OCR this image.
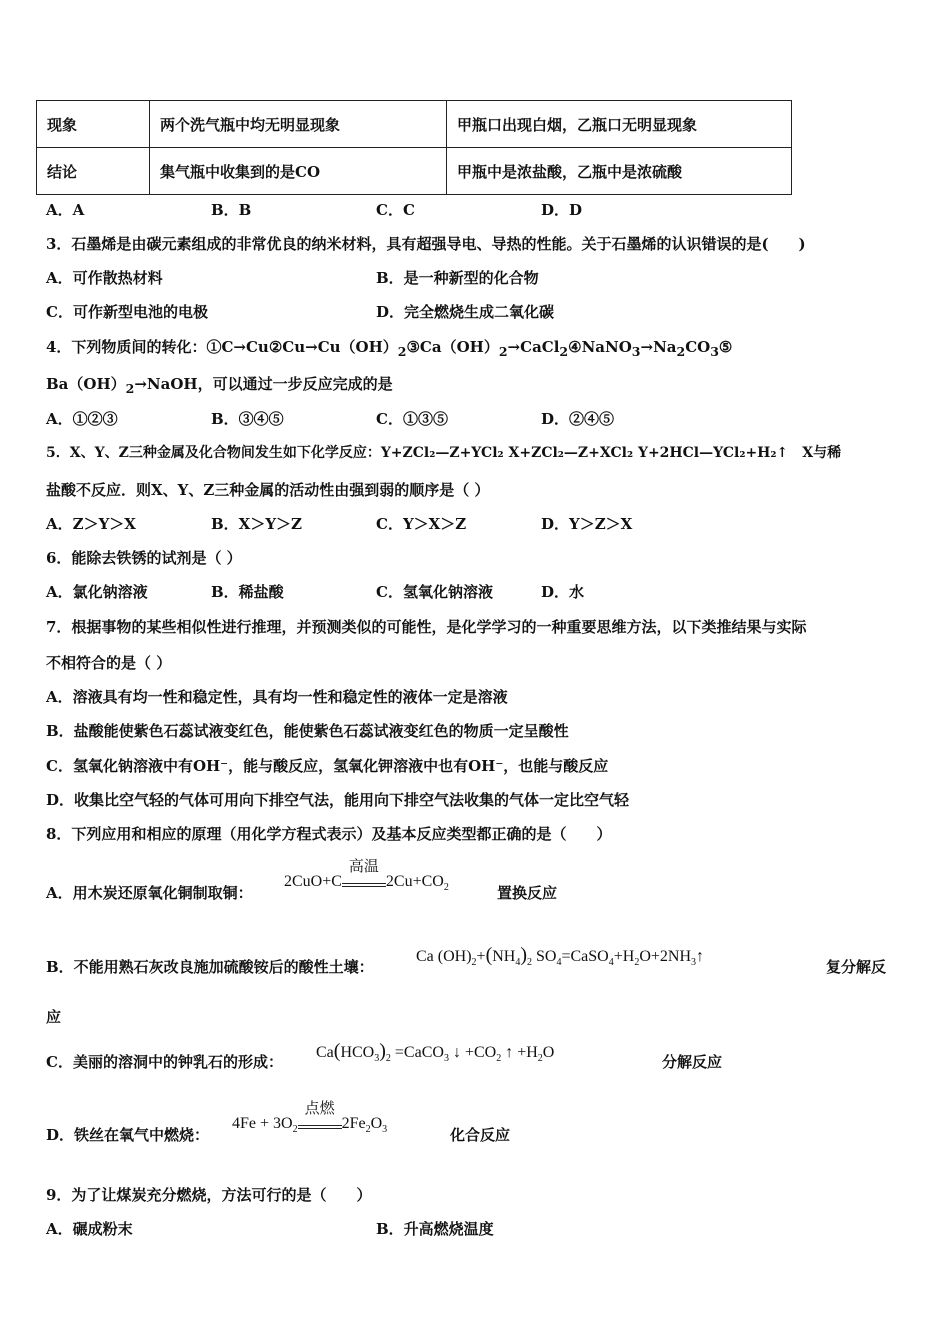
现象	两个洗气瓶中均无明显现象	甲瓶口出现白烟，乙瓶口无明显现象
结论	集气瓶中收集到的是CO	甲瓶中是浓盐酸，乙瓶中是浓硫酸
A．A	B．B	C．C	D．D
3．石墨烯是由碳元素组成的非常优良的纳米材料，具有超强导电、导热的性能。关于石墨烯的认识错误的是(　　)
A．可作散热材料	B．是一种新型的化合物
C．可作新型电池的电极	D．完全燃烧生成二氧化碳
4．下列物质间的转化：$①C\to Cu②Cu\to Cu(OH)_2③Ca(OH)_2\to CaCl_2④NaNO_3\to Na_2CO_3⑤$
$Ba(OH)_2\to NaOH$，可以通过一步反应完成的是
A．①②③	B．③④⑤	C．①③⑤	D．②④⑤
5．X、Y、Z三种金属及化合物间发生如下化学反应：Y+ZCl₂—Z+YCl₂ X+ZCl₂—Z+XCl₂ Y+2HCl—YCl₂+H₂↑　X与稀
盐酸不反应．则X、Y、Z三种金属的活动性由强到弱的顺序是（ ）
A．Z＞Y＞X	B．X＞Y＞Z	C．Y＞X＞Z	D．Y＞Z＞X
6．能除去铁锈的试剂是（ ）
A．氯化钠溶液	B．稀盐酸	C．氢氧化钠溶液	D．水
7．根据事物的某些相似性进行推理，并预测类似的可能性，是化学学习的一种重要思维方法，以下类推结果与实际
不相符合的是（ ）
A．溶液具有均一性和稳定性，具有均一性和稳定性的液体一定是溶液
B．盐酸能使紫色石蕊试液变红色，能使紫色石蕊试液变红色的物质一定呈酸性
C．氢氧化钠溶液中有OH⁻，能与酸反应，氢氧化钾溶液中也有OH⁻，也能与酸反应
D．收集比空气轻的气体可用向下排空气法，能用向下排空气法收集的气体一定比空气轻
8．下列应用和相应的原理（用化学方程式表示）及基本反应类型都正确的是（　　）
A．用木炭还原氧化铜制取铜：
2CuO+C
高温
$2Cu+CO_2$	置换反应
B．不能用熟石灰改良施加硫酸铵后的酸性土壤：
Ca $(OH)_2+(NH_4)_2$ $SO_4=CaSO_4+H_2O+2NH_3↑$
复分解反
应
C．美丽的溶洞中的钟乳石的形成：
$Ca(HCO_3)_2$ =CaCO$_3$ ↓ $+CO_2$ ↑ $+H_2O$
分解反应
D．铁丝在氧气中燃烧：
$4Fe + 3O_2$
点燃
$2Fe_2O_3$	化合反应
9．为了让煤炭充分燃烧，方法可行的是（　　）
A．碾成粉末	B．升高燃烧温度
